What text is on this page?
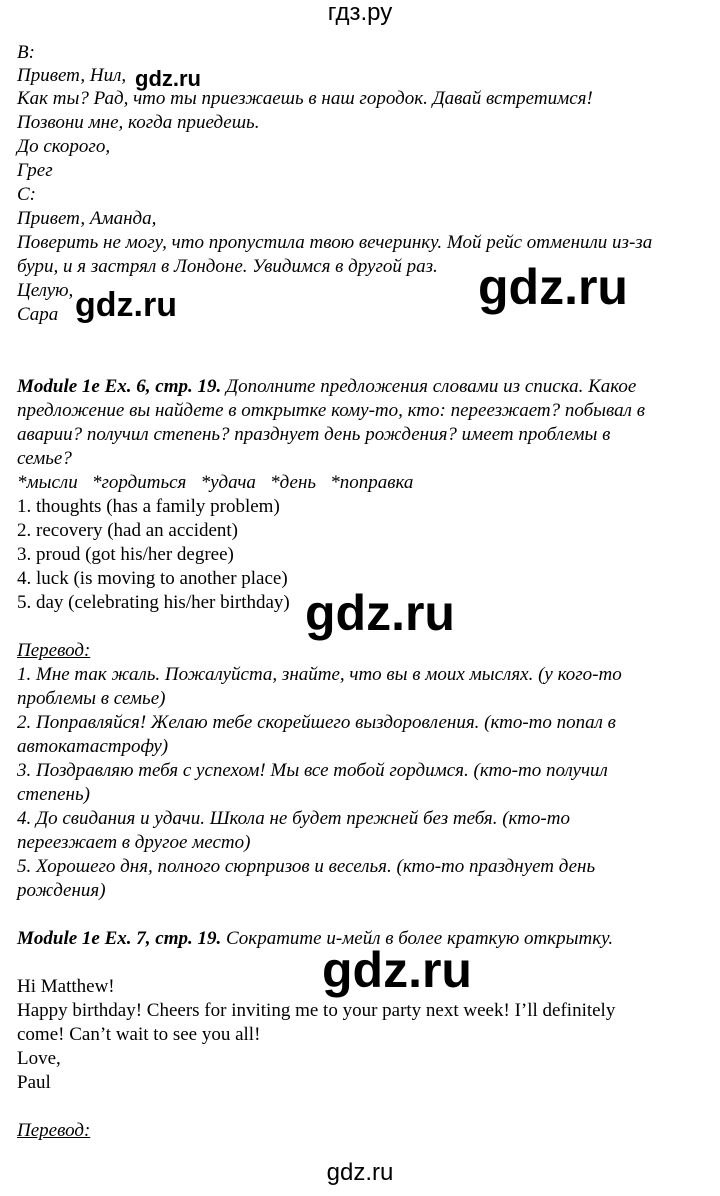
гдз.ру
B:
Привет, Нил,
Как ты? Рад, что ты приезжаешь в наш городок. Давай встретимся!
Позвони мне, когда приедешь.
До скорого,
Грег
C:
Привет, Аманда,
Поверить не могу, что пропустила твою вечеринку. Мой рейс отменили из-за
бури, и я застрял в Лондоне. Увидимся в другой раз.
Целую,
Сара
Module 1e Ex. 6, стр. 19. Дополните предложения словами из списка. Какое
предложение вы найдете в открытке кому-то, кто: переезжает? побывал в
аварии? получил степень? празднует день рождения? имеет проблемы в
семье?
*мысли   *гордиться   *удача   *день   *поправка
1. thoughts (has a family problem)
2. recovery (had an accident)
3. proud (got his/her degree)
4. luck (is moving to another place)
5. day (celebrating his/her birthday)
Перевод:
1. Мне так жаль. Пожалуйста, знайте, что вы в моих мыслях. (у кого-то
проблемы в семье)
2. Поправляйся! Желаю тебе скорейшего выздоровления. (кто-то попал в
автокатастрофу)
3. Поздравляю тебя с успехом! Мы все тобой гордимся. (кто-то получил
степень)
4. До свидания и удачи. Школа не будет прежней без тебя. (кто-то
переезжает в другое место)
5. Хорошего дня, полного сюрпризов и веселья. (кто-то празднует день
рождения)
Module 1e Ex. 7, стр. 19. Сократите и-мейл в более краткую открытку.
Hi Matthew!
Happy birthday! Cheers for inviting me to your party next week! I’ll definitely
come! Can’t wait to see you all!
Love,
Paul
Перевод:
gdz.ru
gdz.ru
gdz.ru
gdz.ru
gdz.ru
gdz.ru
